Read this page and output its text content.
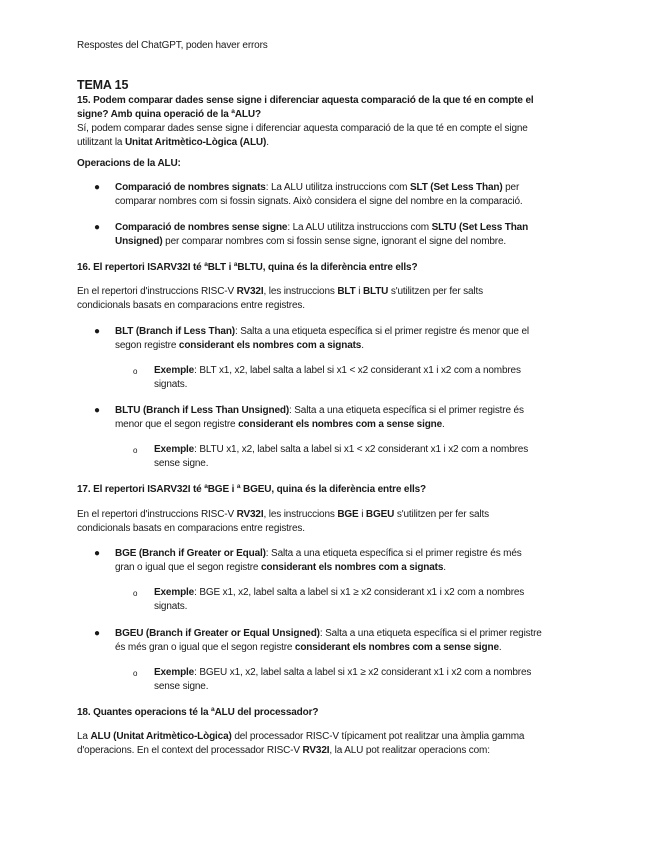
Respostes del ChatGPT, poden haver errors
TEMA 15
15. Podem comparar dades sense signe i diferenciar aquesta comparació de la que té en compte el
signe? Amb quina operació de la ªALU?
Sí, podem comparar dades sense signe i diferenciar aquesta comparació de la que té en compte el signe
utilitzant la Unitat Aritmètico-Lògica (ALU).
Operacions de la ALU:
● Comparació de nombres signats: La ALU utilitza instruccions com SLT (Set Less Than) per
comparar nombres com si fossin signats. Això considera el signe del nombre en la comparació.
● Comparació de nombres sense signe: La ALU utilitza instruccions com SLTU (Set Less Than
Unsigned) per comparar nombres com si fossin sense signe, ignorant el signe del nombre.
16. El repertori ISARV32I té ªBLT i ªBLTU, quina és la diferència entre ells?
En el repertori d'instruccions RISC-V RV32I, les instruccions BLT i BLTU s'utilitzen per fer salts
condicionals basats en comparacions entre registres.
● BLT (Branch if Less Than): Salta a una etiqueta específica si el primer registre és menor que el
segon registre considerant els nombres com a signats.
o Exemple: BLT x1, x2, label salta a label si x1 < x2 considerant x1 i x2 com a nombres
signats.
● BLTU (Branch if Less Than Unsigned): Salta a una etiqueta específica si el primer registre és
menor que el segon registre considerant els nombres com a sense signe.
o Exemple: BLTU x1, x2, label salta a label si x1 < x2 considerant x1 i x2 com a nombres
sense signe.
17. El repertori ISARV32I té ªBGE i ª BGEU, quina és la diferència entre ells?
En el repertori d'instruccions RISC-V RV32I, les instruccions BGE i BGEU s'utilitzen per fer salts
condicionals basats en comparacions entre registres.
● BGE (Branch if Greater or Equal): Salta a una etiqueta específica si el primer registre és més
gran o igual que el segon registre considerant els nombres com a signats.
o Exemple: BGE x1, x2, label salta a label si x1 ≥ x2 considerant x1 i x2 com a nombres
signats.
● BGEU (Branch if Greater or Equal Unsigned): Salta a una etiqueta específica si el primer registre
és més gran o igual que el segon registre considerant els nombres com a sense signe.
o Exemple: BGEU x1, x2, label salta a label si x1 ≥ x2 considerant x1 i x2 com a nombres
sense signe.
18. Quantes operacions té la ªALU del processador?
La ALU (Unitat Aritmètico-Lògica) del processador RISC-V típicament pot realitzar una àmplia gamma
d'operacions. En el context del processador RISC-V RV32I, la ALU pot realitzar operacions com:
